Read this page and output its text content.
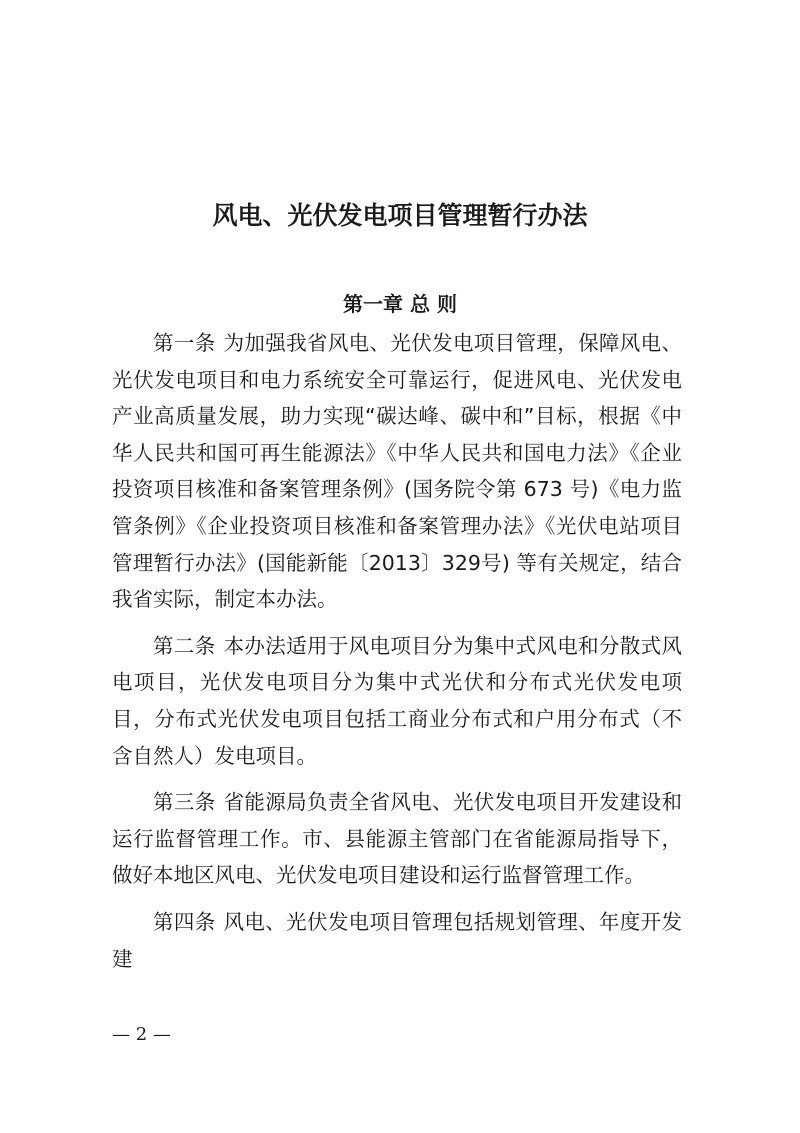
风电、光伏发电项目管理暂行办法
第一章 总 则

第一条 为加强我省风电、光伏发电项目管理，保障风电、光伏发电项目和电力系统安全可靠运行，促进风电、光伏发电产业高质量发展，助力实现“碳达峰、碳中和”目标，根据《中华人民共和国可再生能源法》《中华人民共和国电力法》《企业投资项目核准和备案管理条例》(国务院令第 673 号)《电力监管条例》《企业投资项目核准和备案管理办法》《光伏电站项目管理暂行办法》(国能新能〔2013〕329号) 等有关规定，结合我省实际，制定本办法。

第二条 本办法适用于风电项目分为集中式风电和分散式风电项目，光伏发电项目分为集中式光伏和分布式光伏发电项目，分布式光伏发电项目包括工商业分布式和户用分布式（不含自然人）发电项目。

第三条 省能源局负责全省风电、光伏发电项目开发建设和运行监督管理工作。市、县能源主管部门在省能源局指导下，做好本地区风电、光伏发电项目建设和运行监督管理工作。

第四条 风电、光伏发电项目管理包括规划管理、年度开发建

— 2 —
